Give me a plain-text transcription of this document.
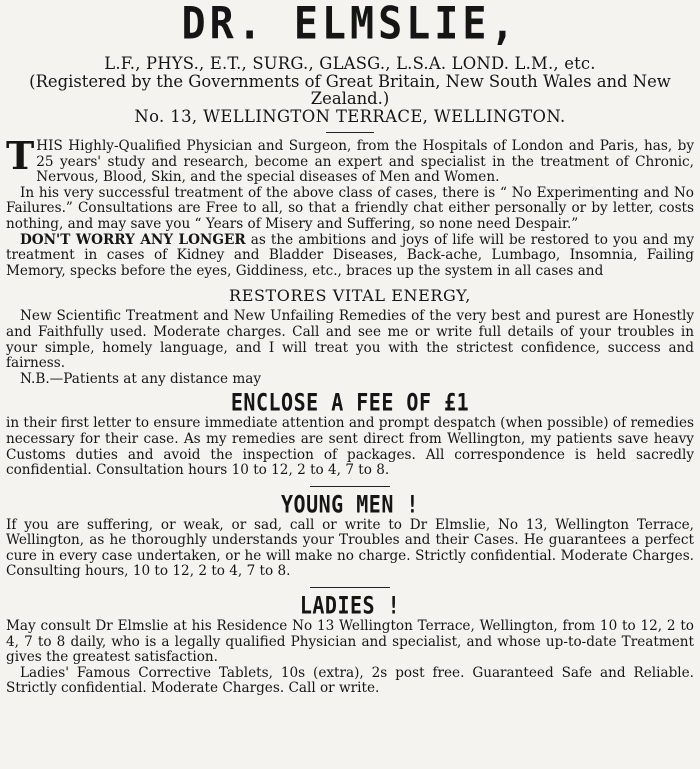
DR. ELMSLIE,
L.F., PHYS., E.T., SURG., GLASG., L.S.A. LOND. L.M., etc.
(Registered by the Governments of Great Britain, New South Wales and New Zealand.)
No. 13, WELLINGTON TERRACE, WELLINGTON.

THIS Highly-Qualified Physician and Surgeon, from the Hospitals of London and Paris, has, by 25 years' study and research, become an expert and specialist in the treatment of Chronic, Nervous, Blood, Skin, and the special diseases of Men and Women.

In his very successful treatment of the above class of cases, there is “ No Experimenting and No Failures.” Consultations are Free to all, so that a friendly chat either personally or by letter, costs nothing, and may save you “ Years of Misery and Suffering, so none need Despair.”

DON'T WORRY ANY LONGER as the ambitions and joys of life will be restored to you and my treatment in cases of Kidney and Bladder Diseases, Back-ache, Lumbago, Insomnia, Failing Memory, specks before the eyes, Giddiness, etc., braces up the system in all cases and

RESTORES VITAL ENERGY,

New Scientific Treatment and New Unfailing Remedies of the very best and purest are Honestly and Faithfully used. Moderate charges. Call and see me or write full details of your troubles in your simple, homely language, and I will treat you with the strictest confidence, success and fairness.

N.B.—Patients at any distance may

ENCLOSE A FEE OF £1

in their first letter to ensure immediate attention and prompt despatch (when possible) of remedies necessary for their case. As my remedies are sent direct from Wellington, my patients save heavy Customs duties and avoid the inspection of packages. All correspondence is held sacredly confidential. Consultation hours 10 to 12, 2 to 4, 7 to 8.

YOUNG MEN !

If you are suffering, or weak, or sad, call or write to Dr Elmslie, No 13, Wellington Terrace, Wellington, as he thoroughly understands your Troubles and their Cases. He guarantees a perfect cure in every case undertaken, or he will make no charge. Strictly confidential. Moderate Charges. Consulting hours, 10 to 12, 2 to 4, 7 to 8.

LADIES !

May consult Dr Elmslie at his Residence No 13 Wellington Terrace, Wellington, from 10 to 12, 2 to 4, 7 to 8 daily, who is a legally qualified Physician and specialist, and whose up-to-date Treatment gives the greatest satisfaction.

Ladies' Famous Corrective Tablets, 10s (extra), 2s post free. Guaranteed Safe and Reliable. Strictly confidential. Moderate Charges. Call or write.
